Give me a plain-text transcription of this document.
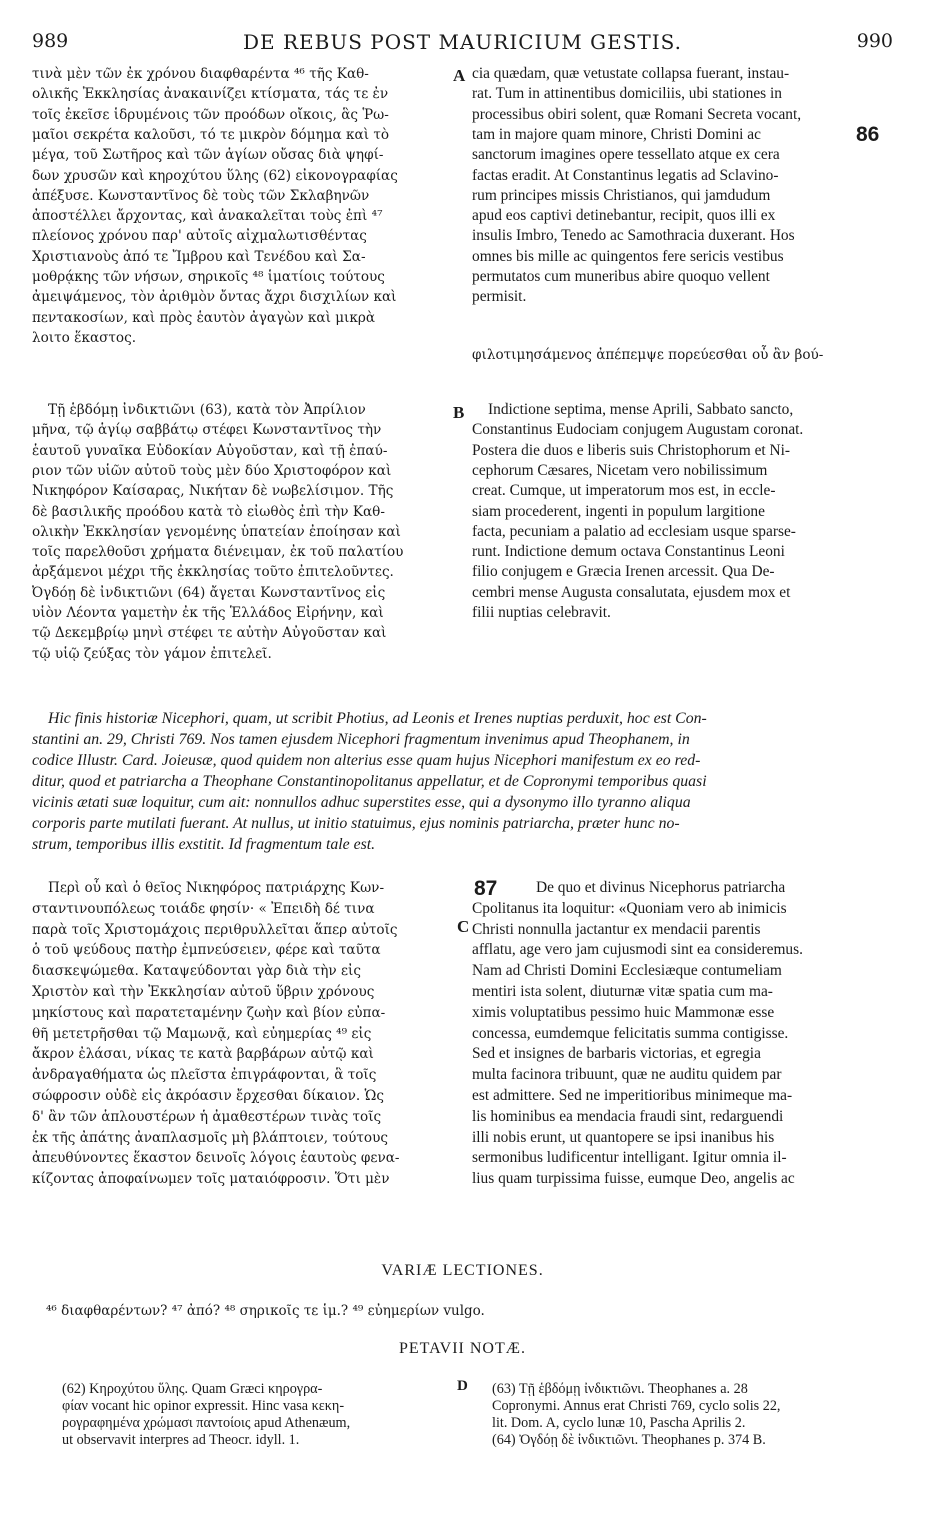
989	DE REBUS POST MAURICIUM GESTIS.	990
τινὰ μὲν τῶν ἐκ χρόνου διαφθαρέντα ⁴⁶ τῆς Καθ-
ολικῆς Ἐκκλησίας ἀνακαινίζει κτίσματα, τάς τε ἐν
τοῖς ἐκεῖσε ἱδρυμένοις τῶν προόδων οἴκοις, ἃς Ῥω-
μαῖοι σεκρέτα καλοῦσι, τό τε μικρὸν δόμημα καὶ τὸ
μέγα, τοῦ Σωτῆρος καὶ τῶν ἁγίων οὔσας διὰ ψηφί-
δων χρυσῶν καὶ κηροχύτου ὕλης (62) εἰκονογραφίας
ἀπέξυσε. Κωνσταντῖνος δὲ τοὺς τῶν Σκλαβηνῶν
ἀποστέλλει ἄρχοντας, καὶ ἀνακαλεῖται τοὺς ἐπὶ ⁴⁷
πλείονος χρόνου παρ' αὐτοῖς αἰχμαλωτισθέντας
Χριστιανοὺς ἀπό τε Ἴμβρου καὶ Τενέδου καὶ Σα-
μοθρᾴκης τῶν νήσων, σηρικοῖς ⁴⁸ ἱματίοις τούτους
ἀμειψάμενος, τὸν ἀριθμὸν ὄντας ἄχρι δισχιλίων καὶ
πεντακοσίων, καὶ πρὸς ἑαυτὸν ἀγαγὼν καὶ μικρὰ
λοιτο ἕκαστος.
cia quædam, quæ vetustate collapsa fuerant, instau-
rat. Tum in attinentibus domiciliis, ubi stationes in
processibus obiri solent, quæ Romani Secreta vocant,
tam in majore quam minore, Christi Domini ac
sanctorum imagines opere tessellato atque ex cera
factas eradit. At Constantinus legatis ad Sclavino-
rum principes missis Christianos, qui jamdudum
apud eos captivi detinebantur, recipit, quos illi ex
insulis Imbro, Tenedo ac Samothracia duxerant. Hos
omnes bis mille ac quingentos fere sericis vestibus
permutatos cum muneribus abire quoquo vellent
permisit.
A
86
φιλοτιμησάμενος ἀπέπεμψε πορεύεσθαι οὗ ἂν βού-
Τῇ ἑβδόμῃ ἰνδικτιῶνι (63), κατὰ τὸν Ἀπρίλιον
μῆνα, τῷ ἁγίῳ σαββάτῳ στέφει Κωνσταντῖνος τὴν
ἑαυτοῦ γυναῖκα Εὐδοκίαν Αὐγοῦσταν, καὶ τῇ ἐπαύ-
ριον τῶν υἱῶν αὐτοῦ τοὺς μὲν δύο Χριστοφόρον καὶ
Νικηφόρον Καίσαρας, Νικήταν δὲ νωβελίσιμον. Τῆς
δὲ βασιλικῆς προόδου κατὰ τὸ εἰωθὸς ἐπὶ τὴν Καθ-
ολικὴν Ἐκκλησίαν γενομένης ὑπατείαν ἐποίησαν καὶ
τοῖς παρελθοῦσι χρήματα διένειμαν, ἐκ τοῦ παλατίου
ἀρξάμενοι μέχρι τῆς ἐκκλησίας τοῦτο ἐπιτελοῦντες.
Ὀγδόῃ δὲ ἰνδικτιῶνι (64) ἄγεται Κωνσταντῖνος εἰς
υἱὸν Λέοντα γαμετὴν ἐκ τῆς Ἑλλάδος Εἰρήνην, καὶ
τῷ Δεκεμβρίῳ μηνὶ στέφει τε αὐτὴν Αὐγοῦσταν καὶ
τῷ υἱῷ ζεύξας τὸν γάμον ἐπιτελεῖ.
Indictione septima, mense Aprili, Sabbato sancto,
Constantinus Eudociam conjugem Augustam coronat.
Postera die duos e liberis suis Christophorum et Ni-
cephorum Cæsares, Nicetam vero nobilissimum
creat. Cumque, ut imperatorum mos est, in eccle-
siam procederent, ingenti in populum largitione
facta, pecuniam a palatio ad ecclesiam usque sparse-
runt. Indictione demum octava Constantinus Leoni
filio conjugem e Græcia Irenen arcessit. Qua De-
cembri mense Augusta consalutata, ejusdem mox et
filii nuptias celebravit.
B
Hic finis historiæ Nicephori, quam, ut scribit Photius, ad Leonis et Irenes nuptias perduxit, hoc est Con-
stantini an. 29, Christi 769. Nos tamen ejusdem Nicephori fragmentum invenimus apud Theophanem, in
codice Illustr. Card. Joieusæ, quod quidem non alterius esse quam hujus Nicephori manifestum ex eo red-
ditur, quod et patriarcha a Theophane Constantinopolitanus appellatur, et de Copronymi temporibus quasi
vicinis ætati suæ loquitur, cum ait: nonnullos adhuc superstites esse, qui a dysonymo illo tyranno aliqua
corporis parte mutilati fuerant. At nullus, ut initio statuimus, ejus nominis patriarcha, præter hunc no-
strum, temporibus illis exstitit. Id fragmentum tale est.
Περὶ οὗ καὶ ὁ θεῖος Νικηφόρος πατριάρχης Κων-
σταντινουπόλεως τοιάδε φησίν· « Ἐπειδὴ δέ τινα
παρὰ τοῖς Χριστομάχοις περιθρυλλεῖται ἅπερ αὐτοῖς
ὁ τοῦ ψεύδους πατὴρ ἐμπνεύσειεν, φέρε καὶ ταῦτα
διασκεψώμεθα. Καταψεύδονται γὰρ διὰ τὴν εἰς
Χριστὸν καὶ τὴν Ἐκκλησίαν αὐτοῦ ὕβριν χρόνους
μηκίστους καὶ παρατεταμένην ζωὴν καὶ βίον εὐπα-
θῆ μετετρῆσθαι τῷ Μαμωνᾷ, καὶ εὐημερίας ⁴⁹ εἰς
ἄκρον ἐλάσαι, νίκας τε κατὰ βαρβάρων αὐτῷ καὶ
ἀνδραγαθήματα ὡς πλεῖστα ἐπιγράφονται, ἃ τοῖς
σώφροσιν οὐδὲ εἰς ἀκρόασιν ἔρχεσθαι δίκαιον. Ὡς
δ' ἂν τῶν ἁπλουστέρων ἡ ἀμαθεστέρων τινὰς τοῖς
ἐκ τῆς ἀπάτης ἀναπλασμοῖς μὴ βλάπτοιεν, τούτους
ἀπευθύνοντες ἕκαστον δεινοῖς λόγοις ἑαυτοὺς φενα-
κίζοντας ἀποφαίνωμεν τοῖς ματαιόφροσιν. Ὅτι μὲν
De quo et divinus Nicephorus patriarcha
Cpolitanus ita loquitur: «Quoniam vero ab inimicis
Christi nonnulla jactantur ex mendacii parentis
afflatu, age vero jam cujusmodi sint ea consideremus.
Nam ad Christi Domini Ecclesiæque contumeliam
mentiri ista solent, diuturnæ vitæ spatia cum ma-
ximis voluptatibus pessimo huic Mammonæ esse
concessa, eumdemque felicitatis summa contigisse.
Sed et insignes de barbaris victorias, et egregia
multa facinora tribuunt, quæ ne auditu quidem par
est admittere. Sed ne imperitioribus minimeque ma-
lis hominibus ea mendacia fraudi sint, redarguendi
illi nobis erunt, ut quantopere se ipsi inanibus his
sermonibus ludificentur intelligant. Igitur omnia il-
lius quam turpissima fuisse, eumque Deo, angelis ac
87
C
VARIÆ LECTIONES.
⁴⁶ διαφθαρέντων? ⁴⁷ ἀπό? ⁴⁸ σηρικοῖς τε ἱμ.? ⁴⁹ εὐημερίων vulgo.
PETAVII NOTÆ.
(62) Κηροχύτου ὕλης. Quam Græci κηρογρα-
φίαν vocant hic opinor expressit. Hinc vasa κεκη-
ρογραφημένα χρώμασι παντοίοις apud Athenæum,
ut observavit interpres ad Theocr. idyll. 1.
D (63) Τῇ ἑβδόμῃ ἰνδικτιῶνι. Theophanes a. 28
Copronymi. Annus erat Christi 769, cyclo solis 22,
lit. Dom. A, cyclo lunæ 10, Pascha Aprilis 2.
(64) Ὀγδόῃ δὲ ἰνδικτιῶνι. Theophanes p. 374 B.
